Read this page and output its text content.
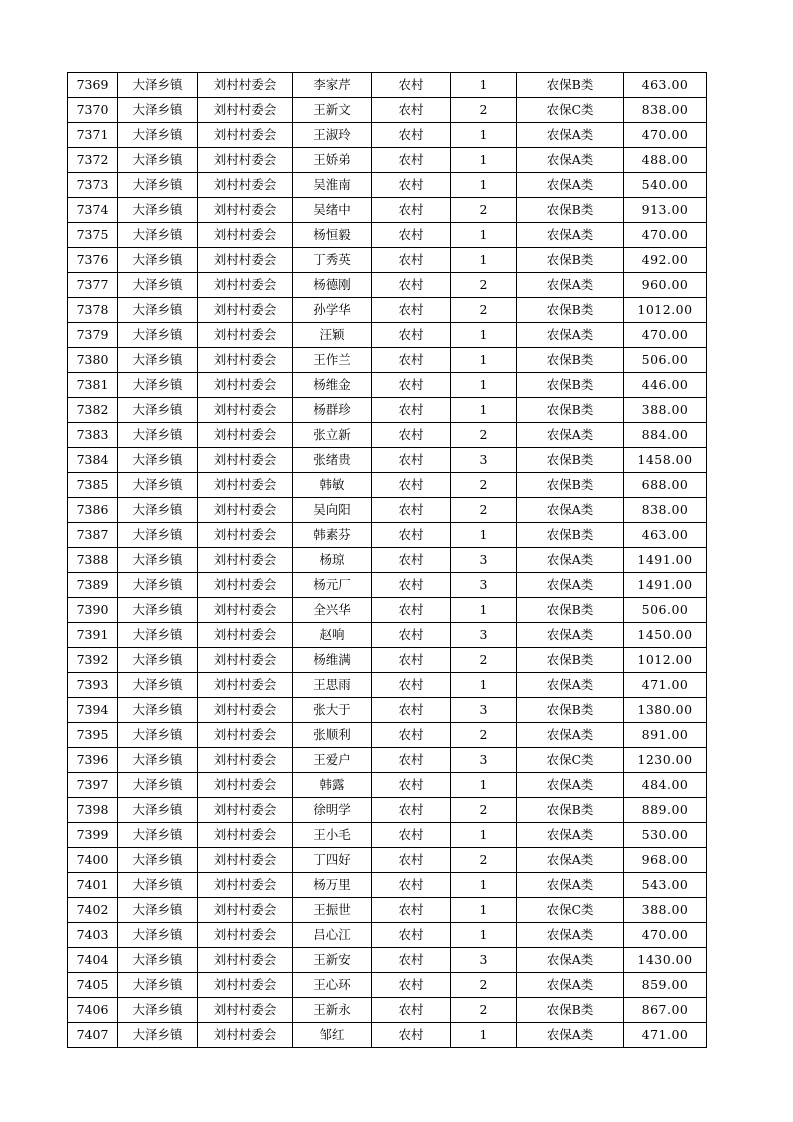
7369	大泽乡镇	刘村村委会	李家芹	农村	1	农保B类	463.00
7370	大泽乡镇	刘村村委会	王新文	农村	2	农保C类	838.00
7371	大泽乡镇	刘村村委会	王淑玲	农村	1	农保A类	470.00
7372	大泽乡镇	刘村村委会	王娇弟	农村	1	农保A类	488.00
7373	大泽乡镇	刘村村委会	吴淮南	农村	1	农保A类	540.00
7374	大泽乡镇	刘村村委会	吴绪中	农村	2	农保B类	913.00
7375	大泽乡镇	刘村村委会	杨恒毅	农村	1	农保A类	470.00
7376	大泽乡镇	刘村村委会	丁秀英	农村	1	农保B类	492.00
7377	大泽乡镇	刘村村委会	杨德刚	农村	2	农保A类	960.00
7378	大泽乡镇	刘村村委会	孙学华	农村	2	农保B类	1012.00
7379	大泽乡镇	刘村村委会	汪颖	农村	1	农保A类	470.00
7380	大泽乡镇	刘村村委会	王作兰	农村	1	农保B类	506.00
7381	大泽乡镇	刘村村委会	杨维金	农村	1	农保B类	446.00
7382	大泽乡镇	刘村村委会	杨群珍	农村	1	农保B类	388.00
7383	大泽乡镇	刘村村委会	张立新	农村	2	农保A类	884.00
7384	大泽乡镇	刘村村委会	张绪贵	农村	3	农保B类	1458.00
7385	大泽乡镇	刘村村委会	韩敏	农村	2	农保B类	688.00
7386	大泽乡镇	刘村村委会	吴向阳	农村	2	农保A类	838.00
7387	大泽乡镇	刘村村委会	韩素芬	农村	1	农保B类	463.00
7388	大泽乡镇	刘村村委会	杨琼	农村	3	农保A类	1491.00
7389	大泽乡镇	刘村村委会	杨元厂	农村	3	农保A类	1491.00
7390	大泽乡镇	刘村村委会	全兴华	农村	1	农保B类	506.00
7391	大泽乡镇	刘村村委会	赵响	农村	3	农保A类	1450.00
7392	大泽乡镇	刘村村委会	杨维满	农村	2	农保B类	1012.00
7393	大泽乡镇	刘村村委会	王思雨	农村	1	农保A类	471.00
7394	大泽乡镇	刘村村委会	张大于	农村	3	农保B类	1380.00
7395	大泽乡镇	刘村村委会	张顺利	农村	2	农保A类	891.00
7396	大泽乡镇	刘村村委会	王爱户	农村	3	农保C类	1230.00
7397	大泽乡镇	刘村村委会	韩露	农村	1	农保A类	484.00
7398	大泽乡镇	刘村村委会	徐明学	农村	2	农保B类	889.00
7399	大泽乡镇	刘村村委会	王小毛	农村	1	农保A类	530.00
7400	大泽乡镇	刘村村委会	丁四好	农村	2	农保A类	968.00
7401	大泽乡镇	刘村村委会	杨万里	农村	1	农保A类	543.00
7402	大泽乡镇	刘村村委会	王振世	农村	1	农保C类	388.00
7403	大泽乡镇	刘村村委会	吕心江	农村	1	农保A类	470.00
7404	大泽乡镇	刘村村委会	王新安	农村	3	农保A类	1430.00
7405	大泽乡镇	刘村村委会	王心环	农村	2	农保A类	859.00
7406	大泽乡镇	刘村村委会	王新永	农村	2	农保B类	867.00
7407	大泽乡镇	刘村村委会	邹红	农村	1	农保A类	471.00
